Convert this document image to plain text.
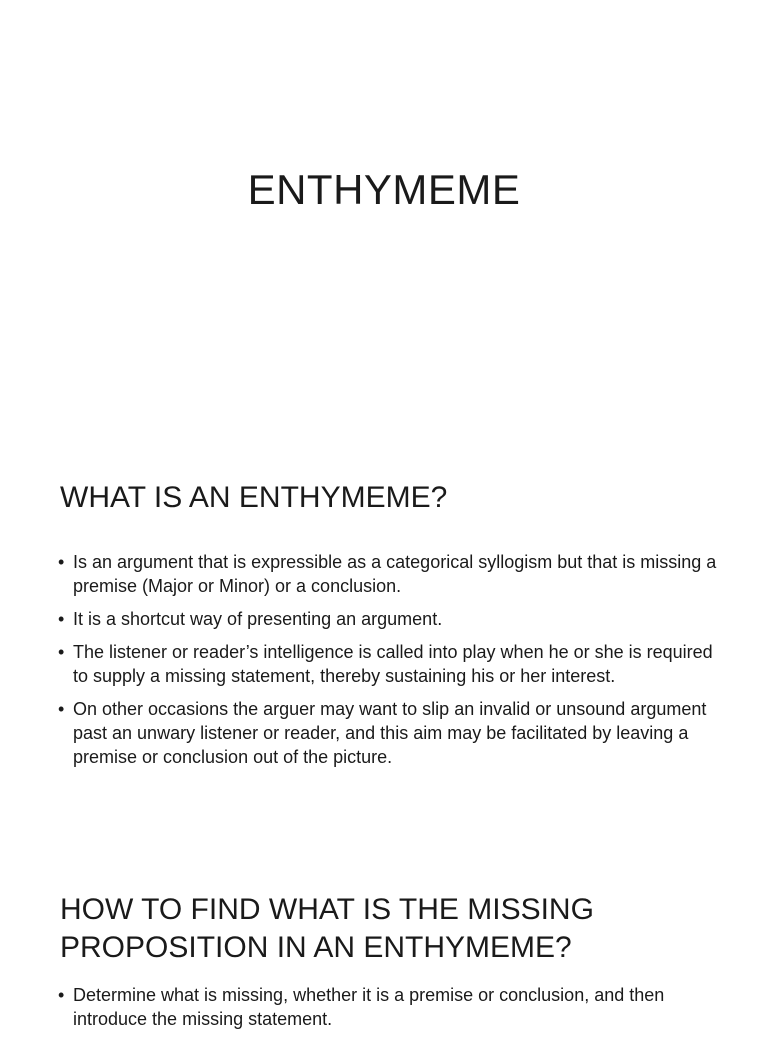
ENTHYMEME
WHAT IS AN ENTHYMEME?
• Is an argument that is expressible as a categorical syllogism but that is missing a premise (Major or Minor) or a conclusion.
• It is a shortcut way of presenting an argument.
• The listener or reader’s intelligence is called into play when he or she is required to supply a missing statement, thereby sustaining his or her interest.
• On other occasions the arguer may want to slip an invalid or unsound argument past an unwary listener or reader, and this aim may be facilitated by leaving a premise or conclusion out of the picture.
HOW TO FIND WHAT IS THE MISSING PROPOSITION IN AN ENTHYMEME?
• Determine what is missing, whether it is a premise or conclusion, and then introduce the missing statement.
